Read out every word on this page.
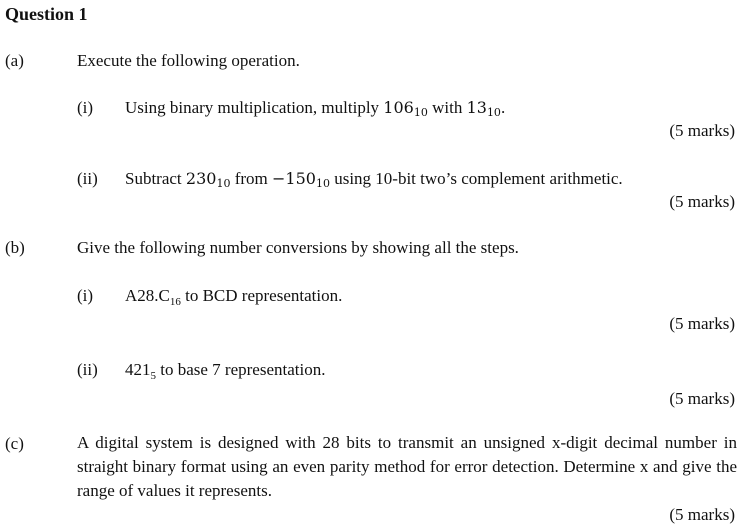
Question 1
(a)	Execute the following operation.
(i) Using binary multiplication, multiply $106_{10}$ with $13_{10}$.
(5 marks)
(ii) Subtract $230_{10}$ from $-150_{10}$ using 10-bit two’s complement arithmetic.
(5 marks)
(b)	Give the following number conversions by showing all the steps.
(i) $A28.C_{16}$ to BCD representation.
(5 marks)
(ii) $421_5$ to base 7 representation.
(5 marks)
(c)	A digital system is designed with 28 bits to transmit an unsigned x-digit decimal number in straight binary format using an even parity method for error detection. Determine x and give the range of values it represents.
(5 marks)
